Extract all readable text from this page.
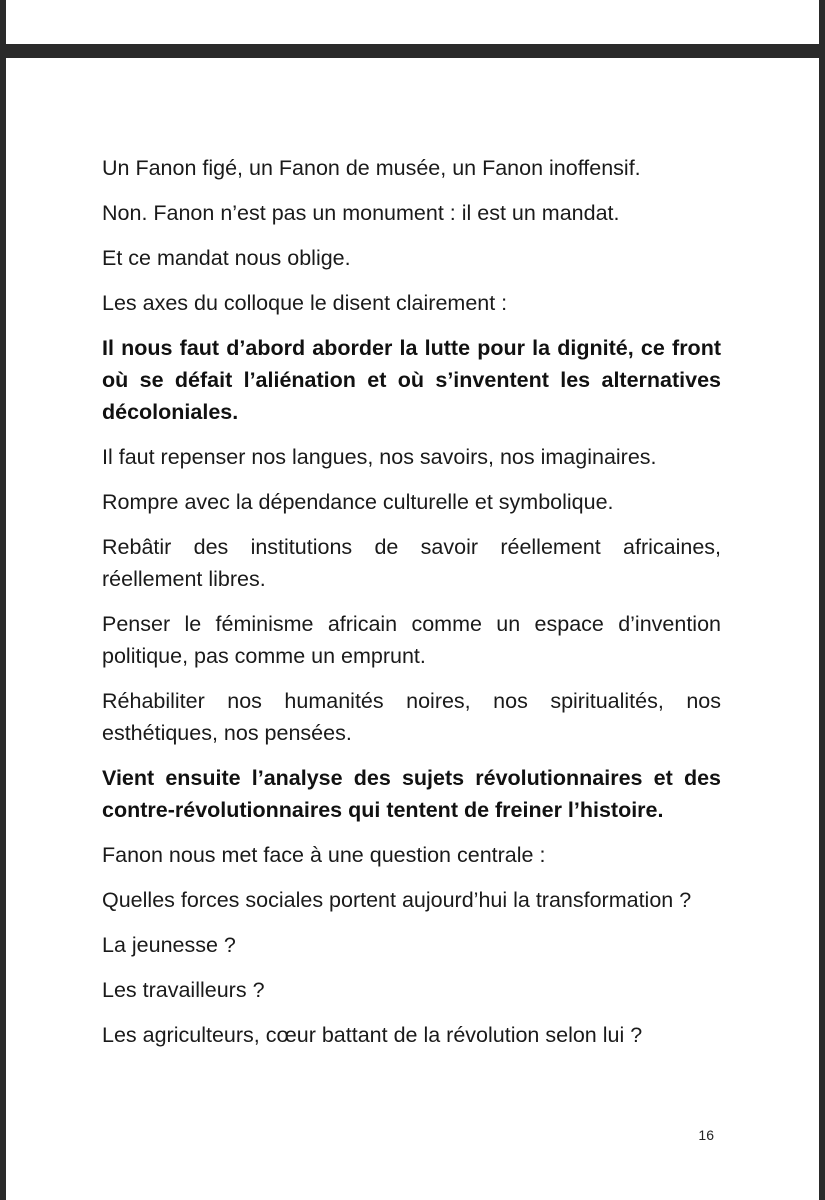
Un Fanon figé, un Fanon de musée, un Fanon inoffensif.

Non. Fanon n’est pas un monument : il est un mandat.

Et ce mandat nous oblige.

Les axes du colloque le disent clairement :

Il nous faut d’abord aborder la lutte pour la dignité, ce front où se défait l’aliénation et où s’inventent les alternatives décoloniales.

Il faut repenser nos langues, nos savoirs, nos imaginaires.

Rompre avec la dépendance culturelle et symbolique.

Rebâtir des institutions de savoir réellement africaines, réellement libres.

Penser le féminisme africain comme un espace d’invention politique, pas comme un emprunt.

Réhabiliter nos humanités noires, nos spiritualités, nos esthétiques, nos pensées.

Vient ensuite l’analyse des sujets révolutionnaires et des contre-révolutionnaires qui tentent de freiner l’histoire.

Fanon nous met face à une question centrale :

Quelles forces sociales portent aujourd’hui la transformation ?

La jeunesse ?

Les travailleurs ?

Les agriculteurs, cœur battant de la révolution selon lui ?

16
